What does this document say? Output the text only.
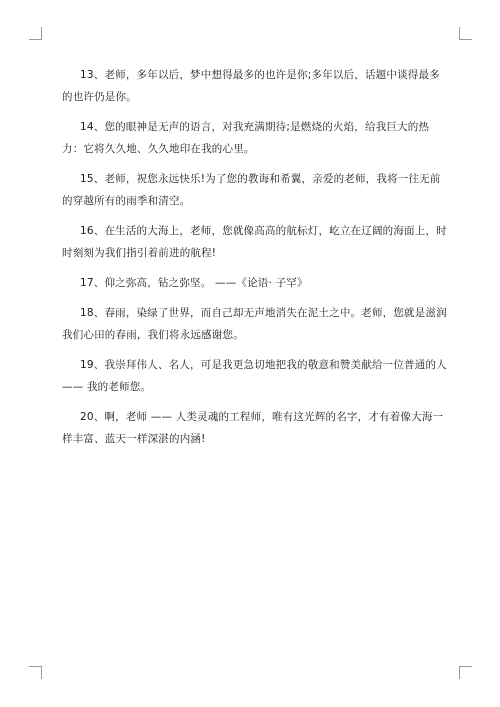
13、老师，多年以后，梦中想得最多的也许是你;多年以后，话题中谈得最多的也许仍是你。

14、您的眼神是无声的语言，对我充满期待;是燃烧的火焰，给我巨大的热力：它将久久地、久久地印在我的心里。

15、老师，祝您永远快乐!为了您的教诲和希翼，亲爱的老师，我将一往无前的穿越所有的雨季和清空。

16、在生活的大海上，老师，您就像高高的航标灯，屹立在辽阔的海面上，时时刻刻为我们指引着前进的航程!

17、仰之弥高，钻之弥坚。 ——《论语· 子罕》

18、春雨，染绿了世界，而自己却无声地消失在泥土之中。老师，您就是滋润我们心田的春雨，我们将永远感谢您。

19、我崇拜伟人、名人，可是我更急切地把我的敬意和赞美献给一位普通的人 —— 我的老师您。

20、啊，老师 —— 人类灵魂的工程师，唯有这光辉的名字，才有着像大海一样丰富、蓝天一样深湛的内涵!
